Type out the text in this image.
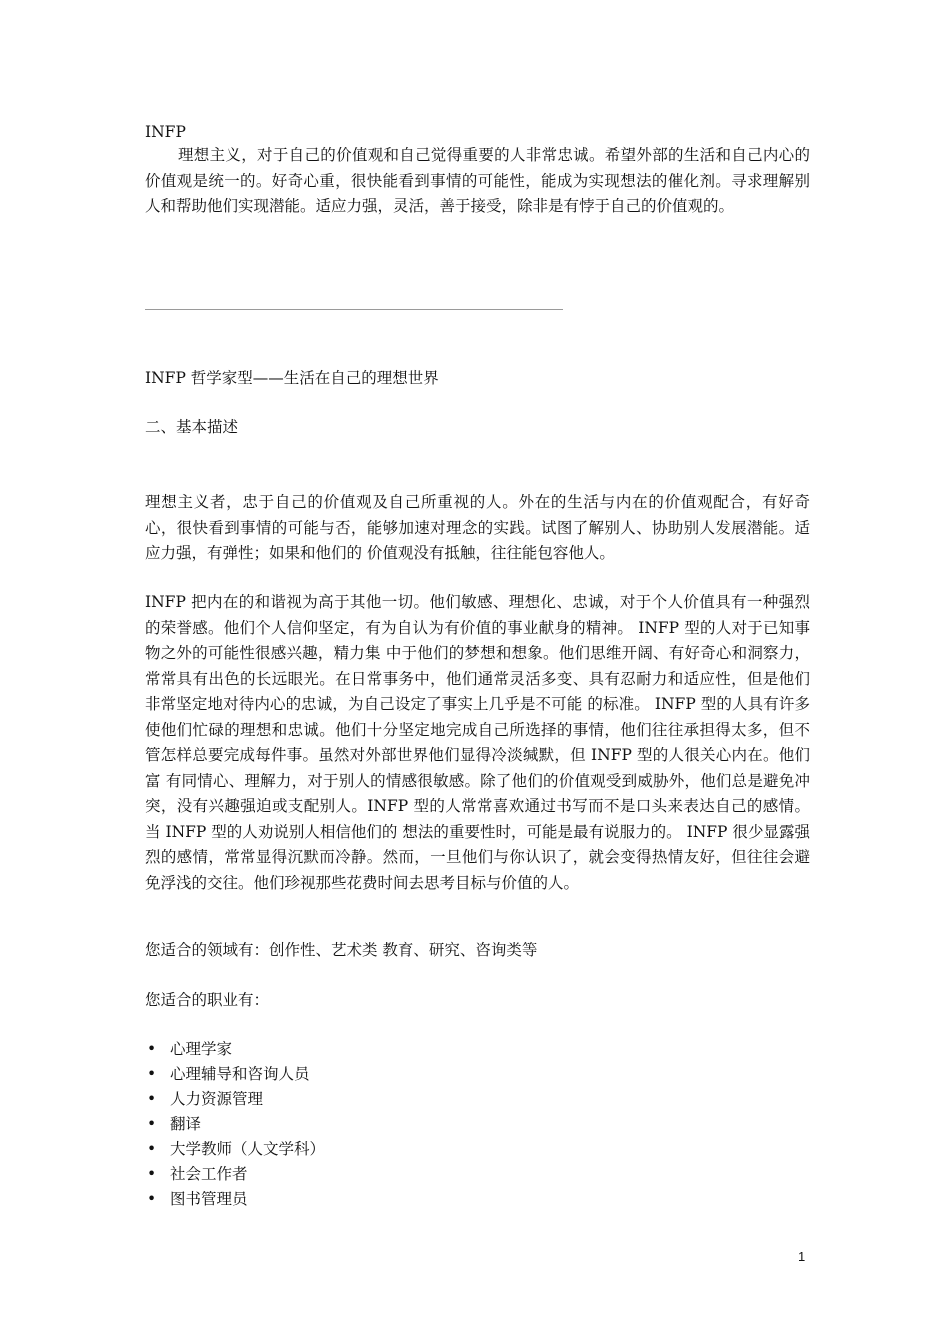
INFP
理想主义，对于自己的价值观和自己觉得重要的人非常忠诚。希望外部的生活和自己内心的价值观是统一的。好奇心重，很快能看到事情的可能性，能成为实现想法的催化剂。寻求理解别人和帮助他们实现潜能。适应力强，灵活，善于接受，除非是有悖于自己的价值观的。
INFP 哲学家型——生活在自己的理想世界
二、基本描述
理想主义者，忠于自己的价值观及自己所重视的人。外在的生活与内在的价值观配合，有好奇心，很快看到事情的可能与否，能够加速对理念的实践。试图了解别人、协助别人发展潜能。适应力强，有弹性；如果和他们的 价值观没有抵触，往往能包容他人。
INFP 把内在的和谐视为高于其他一切。他们敏感、理想化、忠诚，对于个人价值具有一种强烈的荣誉感。他们个人信仰坚定，有为自认为有价值的事业献身的精神。 INFP 型的人对于已知事物之外的可能性很感兴趣，精力集 中于他们的梦想和想象。他们思维开阔、有好奇心和洞察力，常常具有出色的长远眼光。在日常事务中，他们通常灵活多变、具有忍耐力和适应性，但是他们非常坚定地对待内心的忠诚，为自己设定了事实上几乎是不可能 的标准。 INFP 型的人具有许多使他们忙碌的理想和忠诚。他们十分坚定地完成自己所选择的事情，他们往往承担得太多，但不管怎样总要完成每件事。虽然对外部世界他们显得冷淡缄默，但 INFP 型的人很关心内在。他们富 有同情心、理解力，对于别人的情感很敏感。除了他们的价值观受到威胁外，他们总是避免冲突，没有兴趣强迫或支配别人。INFP 型的人常常喜欢通过书写而不是口头来表达自己的感情。当 INFP 型的人劝说别人相信他们的 想法的重要性时，可能是最有说服力的。 INFP 很少显露强烈的感情，常常显得沉默而冷静。然而，一旦他们与你认识了，就会变得热情友好，但往往会避免浮浅的交往。他们珍视那些花费时间去思考目标与价值的人。
您适合的领域有：创作性、艺术类 教育、研究、咨询类等
您适合的职业有：
• 心理学家
• 心理辅导和咨询人员
• 人力资源管理
• 翻译
• 大学教师（人文学科）
• 社会工作者
• 图书管理员
1
